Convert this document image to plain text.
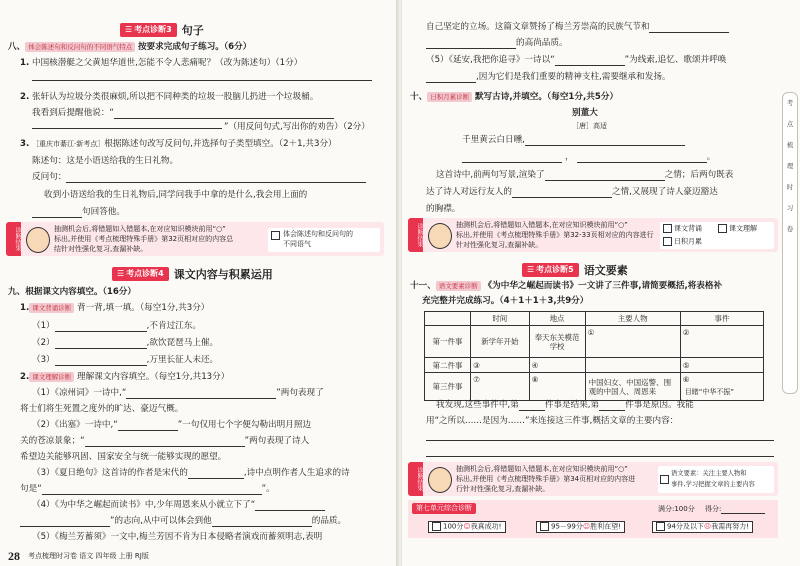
☰ 考点诊断3 句子
八、 体会陈述句和反问句的不同语气特点 按要求完成句子练习。（6分）
1. 中国核潜艇之父黄旭华道世,怎能不令人悲痛呢？（改为陈述句）（1分）
2. 张轩认为垃圾分类很麻烦,所以把不同种类的垃圾一股脑儿扔进一个垃圾桶。
我看到后提醒他说：“
”（用反问句式,写出你的劝告）（2分）
3. ［重庆市綦江·新考点］根据陈述句改写反问句,并选择句子类型填空。（2＋1,共3分）
陈述句：这是小语送给我的生日礼物。
反问句：
收到小语送给我的生日礼物后,同学问我手中拿的是什么,我会用上面的
句回答他。
诊断结果	抽测机会后,将错题如入错题本,在对应知识模块前用“○”
标出,并使用《考点梳理特殊手册》第32页相对应的内容总
结针对性强化复习,查漏补缺。
体会陈述句和反问句的
不同语气
☰ 考点诊断4 课文内容与积累运用
九、根据课文内容填空。（16分）
1. 课文背诵诊断 背一背,填一填。（每空1分,共3分）
（1）	,不肯过江东。
（2）	,欲饮琵琶马上催。
（3）	,万里长征人未还。
2. 课文理解诊断 理解课文内容填空。（每空1分,共13分）
（1）《凉州词》一诗中,“	”两句表现了
将士们将生死置之度外的旷达、豪迈气概。
（2）《出塞》一诗中,“	”一句仅用七个字便勾勒出明月照边
关的苍凉景象；“	”两句表现了诗人
希望边关能够巩固、国家安全与统一能够实现的愿望。
（3）《夏日绝句》这首诗的作者是宋代的	,诗中点明作者人生追求的诗
句是“	”。
（4）《为中华之崛起而读书》中,少年周恩来从小就立下了“
”的志向,从中可以体会到他	的品质。
（5）《梅兰芳蓄须》一文中,梅兰芳因不肯为日本侵略者演戏而蓄须明志,表明
28 考点梳理时习卷 语文 四年级 上册 RJ版
自己坚定的立场。这篇文章赞扬了梅兰芳崇高的民族气节和
的高尚品质。
（5）《延安,我把你追寻》一诗以“	”为线索,追忆、歌颂并呼唤
,因为它们是我们重要的精神支柱,需要继承和发扬。
十、 日积月累诊断 默写古诗,并填空。（每空1分,共5分）
别董大
［唐］高适
千里黄云白日曛,
，	。
这首诗中,前两句写景,渲染了	之情；后两句既表
达了诗人对远行友人的	之情,又展现了诗人豪迈豁达
的胸襟。
诊断结果	抽测机会后,将错题如入错题本,在对应知识模块前用“○”
标出,并使用《考点梳理特殊手册》第32-33页相对应的内容进行
针对性强化复习,查漏补缺。
课文背诵	课文理解
日积月累
☰ 考点诊断5 语文要素
十一、 语文要素诊断 《为中华之崛起而读书》一文讲了三件事,请简要概括,将表格补
充完整并完成练习。（4＋1＋1＋3,共9分）
	时间	地点	主要人物	事件
第一件事	新学年开始	奉天东关模范学校	①	②
第二件事	③	④		⑤
第三件事	⑦	⑧	中国妇女、中国巡警、围观的中国人、周恩来	⑥
目睹“中华不振”
我发现,这些事件中,第	件事是结果,第	件事是原因。我能
用“之所以……是因为……”来连接这三件事,概括文章的主要内容：
诊断结果	抽测机会后,将错题如入错题本,在对应知识模块前用“○”
标出,并使用《考点梳理特殊手册》第34页相对应的内容进
行针对性强化复习,查漏补缺。
语文要素：关注主要人物和
事件,学习把握文章的主要内容
第七单元综合诊断	满分:100分 得分:
100分☺我真成功!	95－99分☺胜利在望!	94分及以下☹我需再努力!
考
点
梳
理
时
习
卷
